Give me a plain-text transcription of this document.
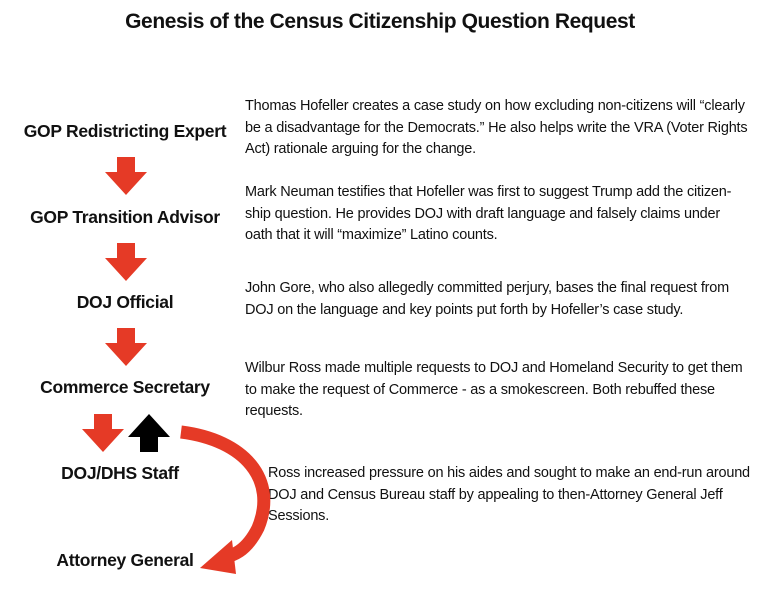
Genesis of the Census Citizenship Question Request
GOP Redistricting Expert
GOP Transition Advisor
DOJ Official
Commerce Secretary
DOJ/DHS Staff
Attorney General
Thomas Hofeller creates a case study on how excluding non-citizens will “clearly be a disadvantage for the Democrats.” He also helps write the VRA (Voter Rights Act) rationale arguing for the change.
Mark Neuman testifies that Hofeller was first to suggest Trump add the citizen-ship question. He provides DOJ with draft language and falsely claims under oath that it will “maximize” Latino counts.
John Gore, who also allegedly committed perjury, bases the final request from DOJ on the language and key points put forth by Hofeller’s case study.
Wilbur Ross made multiple requests to DOJ and Homeland Security to get them to make the request of Commerce - as a smokescreen. Both rebuffed these requests.
Ross increased pressure on his aides and sought to make an end-run around DOJ and Census Bureau staff by appealing to then-Attorney General Jeff Sessions.
